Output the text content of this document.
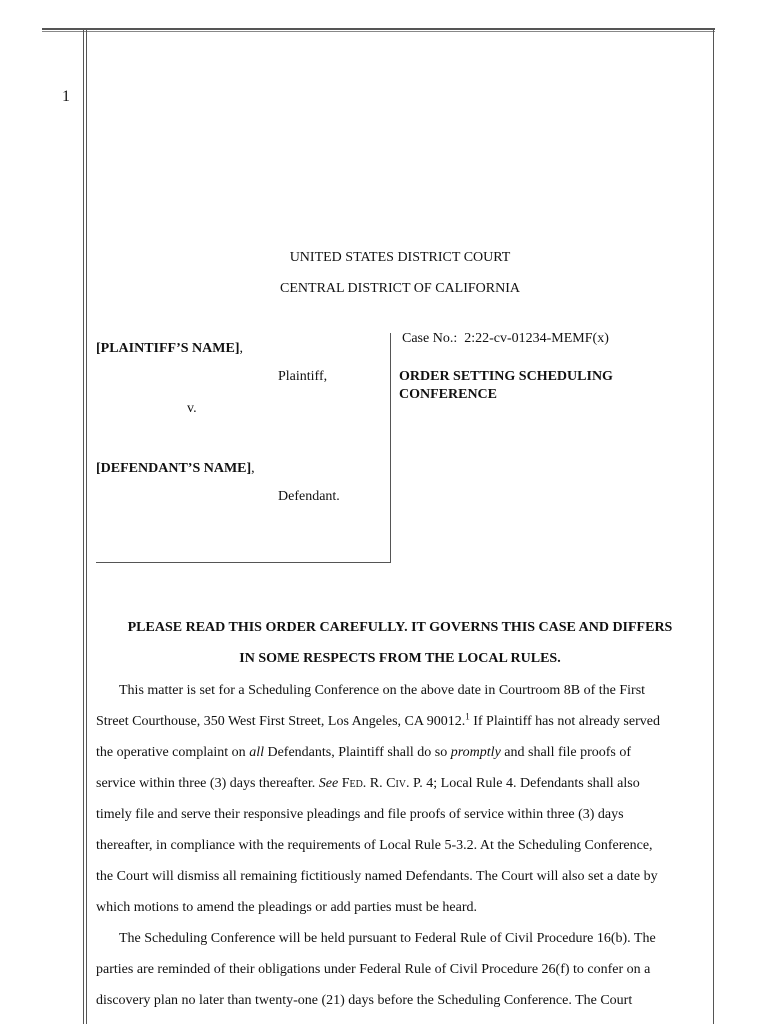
1
UNITED STATES DISTRICT COURT
CENTRAL DISTRICT OF CALIFORNIA
[PLAINTIFF’S NAME],
Plaintiff,
v.
[DEFENDANT’S NAME],
Defendant.
Case No.: 2:22-cv-01234-MEMF(x)
ORDER SETTING SCHEDULING
CONFERENCE
PLEASE READ THIS ORDER CAREFULLY. IT GOVERNS THIS CASE AND DIFFERS
IN SOME RESPECTS FROM THE LOCAL RULES.
This matter is set for a Scheduling Conference on the above date in Courtroom 8B of the First
Street Courthouse, 350 West First Street, Los Angeles, CA 90012.$^1$ If Plaintiff has not already served
the operative complaint on all Defendants, Plaintiff shall do so promptly and shall file proofs of
service within three (3) days thereafter. See Fed. R. Civ. P. 4; Local Rule 4. Defendants shall also
timely file and serve their responsive pleadings and file proofs of service within three (3) days
thereafter, in compliance with the requirements of Local Rule 5-3.2. At the Scheduling Conference,
the Court will dismiss all remaining fictitiously named Defendants. The Court will also set a date by
which motions to amend the pleadings or add parties must be heard.
The Scheduling Conference will be held pursuant to Federal Rule of Civil Procedure 16(b). The
parties are reminded of their obligations under Federal Rule of Civil Procedure 26(f) to confer on a
discovery plan no later than twenty-one (21) days before the Scheduling Conference. The Court
